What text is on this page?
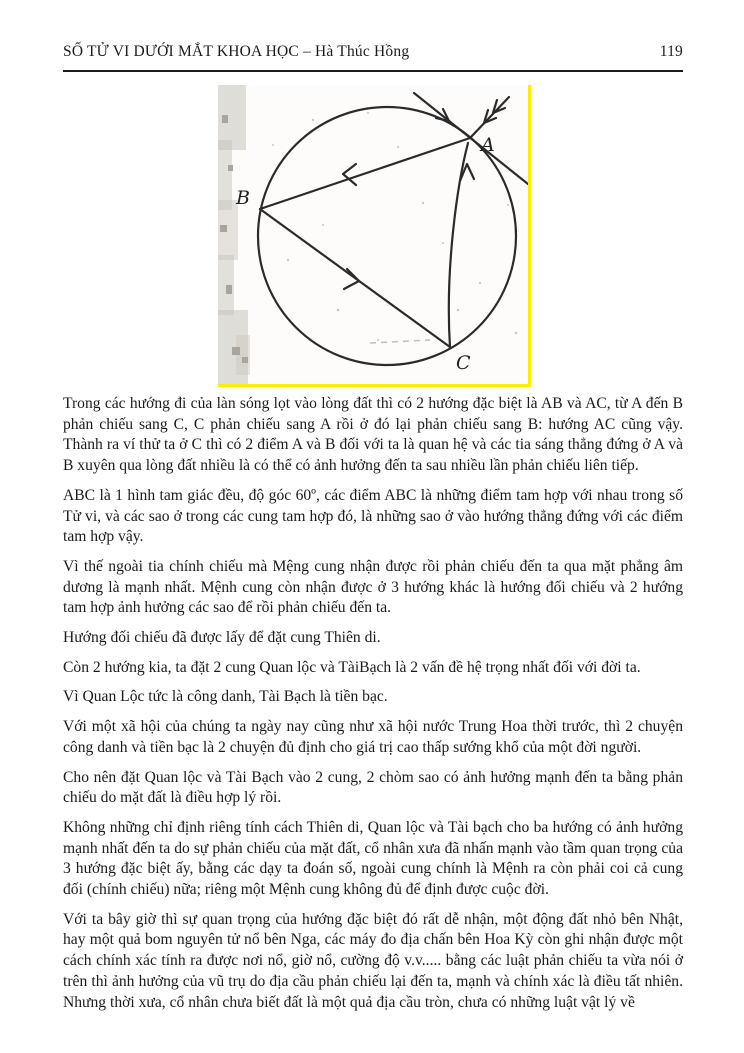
SỐ TỬ VI DƯỚI MẮT KHOA HỌC – Hà Thúc Hồng	119
A
B
C

Trong các hướng đi của làn sóng lọt vào lòng đất thì có 2 hướng đặc biệt là AB và AC, từ A đến B phản chiếu sang C, C phản chiếu sang A rồi ở đó lại phản chiếu sang B: hướng AC cũng vậy. Thành ra ví thử ta ở C thì có 2 điểm A và B đối với ta là quan hệ và các tia sáng thẳng đứng ở A và B xuyên qua lòng đất nhiều là có thể có ảnh hưởng đến ta sau nhiều lần phản chiếu liên tiếp.

ABC là 1 hình tam giác đều, độ góc 60º, các điểm ABC là những điểm tam hợp với nhau trong số Tử vi, và các sao ở trong các cung tam hợp đó, là những sao ở vào hướng thẳng đứng với các điểm tam hợp vậy.

Vì thế ngoài tia chính chiếu mà Mệng cung nhận được rồi phản chiếu đến ta qua mặt phẳng âm dương là mạnh nhất. Mệnh cung còn nhận được ở 3 hướng khác là hướng đối chiếu và 2 hướng tam hợp ảnh hưởng các sao để rồi phản chiếu đến ta.

Hướng đối chiếu đã được lấy để đặt cung Thiên di.

Còn 2 hướng kia, ta đặt 2 cung Quan lộc và TàiBạch là 2 vấn đề hệ trọng nhất đối với đời ta.

Vì Quan Lộc tức là công danh, Tài Bạch là tiền bạc.

Với một xã hội của chúng ta ngày nay cũng như xã hội nước Trung Hoa thời trước, thì 2 chuyện công danh và tiền bạc là 2 chuyện đủ định cho giá trị cao thấp sướng khổ của một đời người.

Cho nên đặt Quan lộc và Tài Bạch vào 2 cung, 2 chòm sao có ảnh hưởng mạnh đến ta bằng phản chiếu do mặt đất là điều hợp lý rồi.

Không những chỉ định riêng tính cách Thiên di, Quan lộc và Tài bạch cho ba hướng có ảnh hưởng mạnh nhất đến ta do sự phản chiếu của mặt đất, cổ nhân xưa đã nhấn mạnh vào tầm quan trọng của 3 hướng đặc biệt ấy, bằng các dạy ta đoán số, ngoài cung chính là Mệnh ra còn phải coi cả cung đối (chính chiếu) nữa; riêng một Mệnh cung không đủ để định được cuộc đời.

Với ta bây giờ thì sự quan trọng của hướng đặc biệt đó rất dễ nhận, một động đất nhỏ bên Nhật, hay một quả bom nguyên tử nổ bên Nga, các máy đo địa chấn bên Hoa Kỳ còn ghi nhận được một cách chính xác tính ra được nơi nổ, giờ nổ, cường độ v.v..... bằng các luật phản chiếu ta vừa nói ở trên thì ảnh hưởng của vũ trụ do địa cầu phản chiếu lại đến ta, mạnh và chính xác là điều tất nhiên. Nhưng thời xưa, cổ nhân chưa biết đất là một quả địa cầu tròn, chưa có những luật vật lý về
